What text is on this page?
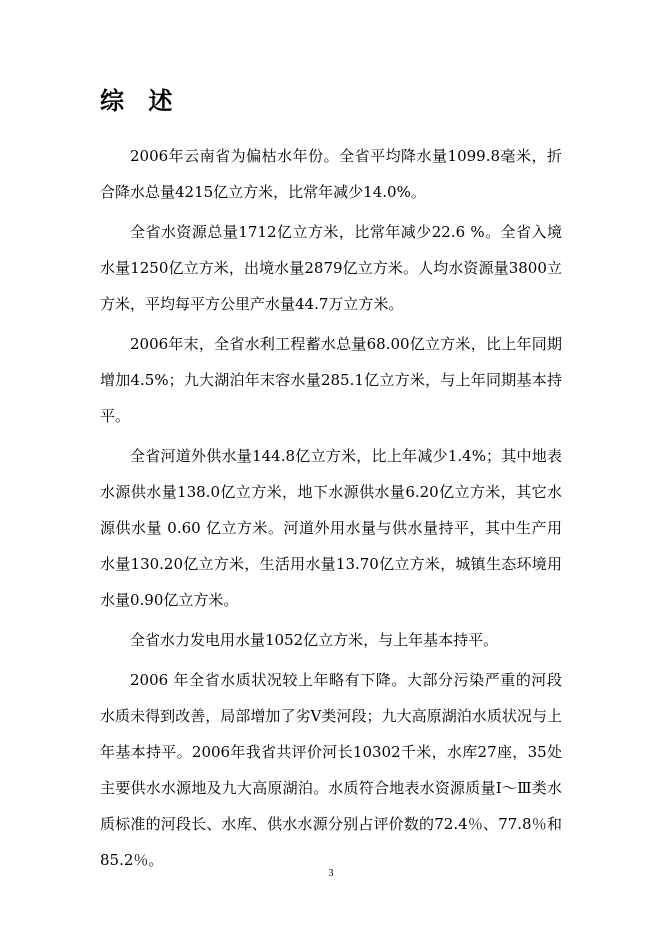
综 述

2006年云南省为偏枯水年份。全省平均降水量1099.8毫米，折合降水总量4215亿立方米，比常年减少14.0%。

全省水资源总量1712亿立方米，比常年减少22.6 %。全省入境水量1250亿立方米，出境水量2879亿立方米。人均水资源量3800立方米，平均每平方公里产水量44.7万立方米。

2006年末，全省水利工程蓄水总量68.00亿立方米，比上年同期增加4.5%；九大湖泊年末容水量285.1亿立方米，与上年同期基本持平。

全省河道外供水量144.8亿立方米，比上年减少1.4%；其中地表水源供水量138.0亿立方米，地下水源供水量6.20亿立方米，其它水源供水量 0.60 亿立方米。河道外用水量与供水量持平，其中生产用水量130.20亿立方米，生活用水量13.70亿立方米，城镇生态环境用水量0.90亿立方米。

全省水力发电用水量1052亿立方米，与上年基本持平。

2006 年全省水质状况较上年略有下降。大部分污染严重的河段水质未得到改善，局部增加了劣Ⅴ类河段；九大高原湖泊水质状况与上年基本持平。2006年我省共评价河长10302千米，水库27座，35处主要供水水源地及九大高原湖泊。水质符合地表水资源质量Ⅰ～Ⅲ类水质标准的河段长、水库、供水水源分别占评价数的72.4％、77.8％和 85.2％。

3
